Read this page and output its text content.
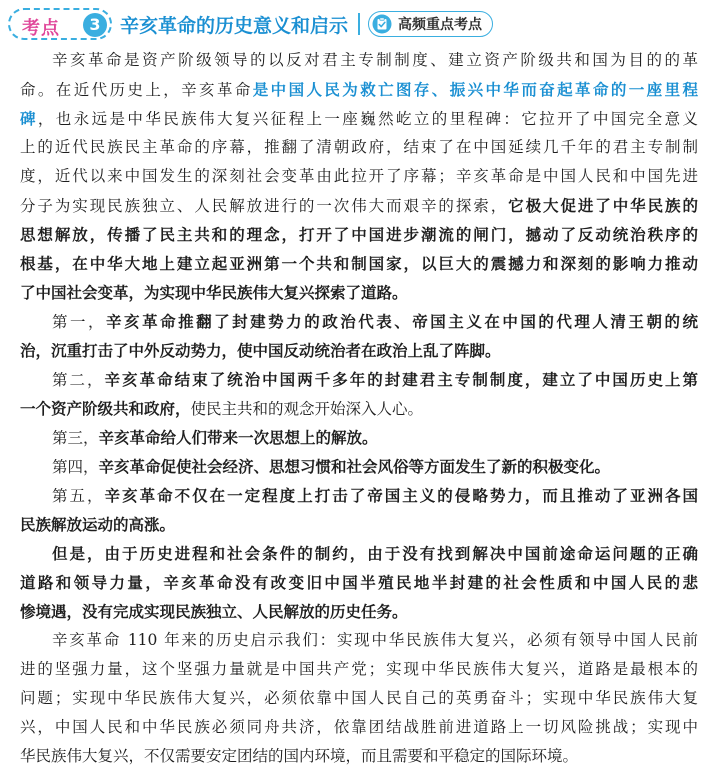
考点	3	辛亥革命的历史意义和启示	高频重点考点
辛亥革命是资产阶级领导的以反对君主专制制度、建立资产阶级共和国为目的的革
命。在近代历史上，辛亥革命是中国人民为救亡图存、振兴中华而奋起革命的一座里程
碑，也永远是中华民族伟大复兴征程上一座巍然屹立的里程碑：它拉开了中国完全意义
上的近代民族民主革命的序幕，推翻了清朝政府，结束了在中国延续几千年的君主专制制
度，近代以来中国发生的深刻社会变革由此拉开了序幕；辛亥革命是中国人民和中国先进
分子为实现民族独立、人民解放进行的一次伟大而艰辛的探索，它极大促进了中华民族的
思想解放，传播了民主共和的理念，打开了中国进步潮流的闸门，撼动了反动统治秩序的
根基，在中华大地上建立起亚洲第一个共和制国家，以巨大的震撼力和深刻的影响力推动
了中国社会变革，为实现中华民族伟大复兴探索了道路。
第一，辛亥革命推翻了封建势力的政治代表、帝国主义在中国的代理人清王朝的统
治，沉重打击了中外反动势力，使中国反动统治者在政治上乱了阵脚。
第二，辛亥革命结束了统治中国两千多年的封建君主专制制度，建立了中国历史上第
一个资产阶级共和政府，使民主共和的观念开始深入人心。
第三，辛亥革命给人们带来一次思想上的解放。
第四，辛亥革命促使社会经济、思想习惯和社会风俗等方面发生了新的积极变化。
第五，辛亥革命不仅在一定程度上打击了帝国主义的侵略势力，而且推动了亚洲各国
民族解放运动的高涨。
但是，由于历史进程和社会条件的制约，由于没有找到解决中国前途命运问题的正确
道路和领导力量，辛亥革命没有改变旧中国半殖民地半封建的社会性质和中国人民的悲
惨境遇，没有完成实现民族独立、人民解放的历史任务。
辛亥革命 110 年来的历史启示我们：实现中华民族伟大复兴，必须有领导中国人民前
进的坚强力量，这个坚强力量就是中国共产党；实现中华民族伟大复兴，道路是最根本的
问题；实现中华民族伟大复兴，必须依靠中国人民自己的英勇奋斗；实现中华民族伟大复
兴，中国人民和中华民族必须同舟共济，依靠团结战胜前进道路上一切风险挑战；实现中
华民族伟大复兴，不仅需要安定团结的国内环境，而且需要和平稳定的国际环境。
